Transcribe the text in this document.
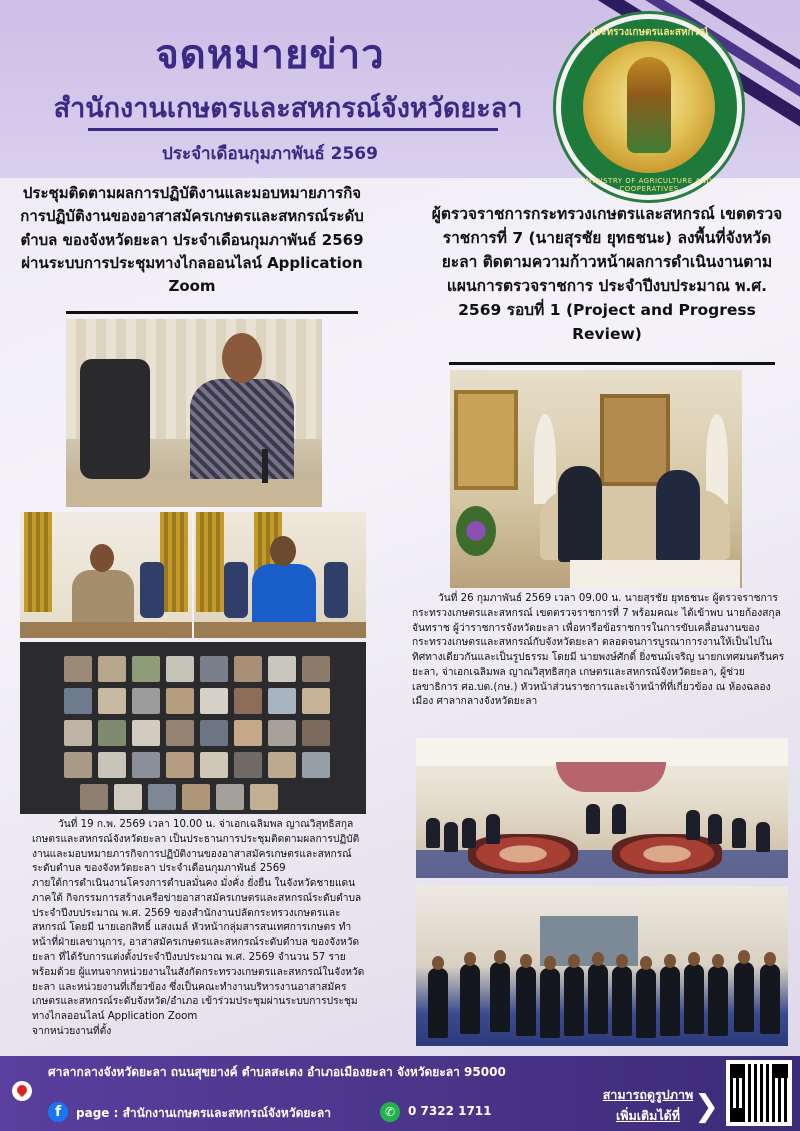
จดหมายข่าว
สำนักงานเกษตรและสหกรณ์จังหวัดยะลา
ประจำเดือนกุมภาพันธ์ 2569
กระทรวงเกษตรและสหกรณ์
MINISTRY OF AGRICULTURE AND COOPERATIVES
ประชุมติดตามผลการปฏิบัติงานและมอบหมายภารกิจการปฏิบัติงานของอาสาสมัครเกษตรและสหกรณ์ระดับตำบล ของจังหวัดยะลา ประจำเดือนกุมภาพันธ์ 2569 ผ่านระบบการประชุมทางไกลออนไลน์ Application Zoom

วันที่ 19 ก.พ. 2569 เวลา 10.00 น. จ่าเอกเฉลิมพล ญาณวิสุทธิสกุล เกษตรและสหกรณ์จังหวัดยะลา เป็นประธานการประชุมติดตามผลการปฏิบัติงานและมอบหมายภารกิจการปฏิบัติงานของอาสาสมัครเกษตรและสหกรณ์ระดับตำบล ของจังหวัดยะลา ประจำเดือนกุมภาพันธ์ 2569

ภายใต้การดำเนินงานโครงการตำบลมั่นคง มั่งคั่ง ยั่งยืน ในจังหวัดชายแดนภาคใต้ กิจกรรมการสร้างเครือข่ายอาสาสมัครเกษตรและสหกรณ์ระดับตำบล ประจำปีงบประมาณ พ.ศ. 2569 ของสำนักงานปลัดกระทรวงเกษตรและสหกรณ์ โดยมี นายเอกสิทธิ์ แสงเมล์ หัวหน้ากลุ่มสารสนเทศการเกษตร ทำหน้าที่ฝ่ายเลขานุการ, อาสาสมัครเกษตรและสหกรณ์ระดับตำบล ของจังหวัดยะลา ที่ได้รับการแต่งตั้งประจำปีงบประมาณ พ.ศ. 2569 จำนวน 57 ราย พร้อมด้วย ผู้แทนจากหน่วยงานในสังกัดกระทรวงเกษตรและสหกรณ์ในจังหวัดยะลา และหน่วยงานที่เกี่ยวข้อง ซึ่งเป็นคณะทำงานบริหารงานอาสาสมัครเกษตรและสหกรณ์ระดับจังหวัด/อำเภอ เข้าร่วมประชุมผ่านระบบการประชุมทางไกลออนไลน์ Application Zoom

จากหน่วยงานที่ตั้ง

ผู้ตรวจราชการกระทรวงเกษตรและสหกรณ์ เขตตรวจราชการที่ 7 (นายสุรชัย ยุทธชนะ) ลงพื้นที่จังหวัดยะลา ติดตามความก้าวหน้าผลการดำเนินงานตามแผนการตรวจราชการ ประจำปีงบประมาณ พ.ศ. 2569 รอบที่ 1 (Project and Progress Review)

วันที่ 26 กุมภาพันธ์ 2569 เวลา 09.00 น. นายสุรชัย ยุทธชนะ ผู้ตรวจราชการกระทรวงเกษตรและสหกรณ์ เขตตรวจราชการที่ 7 พร้อมคณะ ได้เข้าพบ นายก้องสกุล จันทราช ผู้ว่าราชการจังหวัดยะลา เพื่อหารือข้อราชการในการขับเคลื่อนงานของกระทรวงเกษตรและสหกรณ์กับจังหวัดยะลา ตลอดจนการบูรณาการงานให้เป็นไปในทิศทางเดียวกันและเป็นรูปธรรม โดยมี นายพงษ์ศักดิ์ ยิ่งชนม์เจริญ นายกเทศมนตรีนครยะลา, จ่าเอกเฉลิมพล ญาณวิสุทธิสกุล เกษตรและสหกรณ์จังหวัดยะลา, ผู้ช่วยเลขาธิการ ศอ.บต.(กษ.) หัวหน้าส่วนราชการและเจ้าหน้าที่ที่เกี่ยวข้อง ณ ห้องฉลองเมือง ศาลากลางจังหวัดยะลา

ศาลากลางจังหวัดยะลา ถนนสุขยางค์ ตำบลสะเตง อำเภอเมืองยะลา จังหวัดยะลา 95000
f	page : สำนักงานเกษตรและสหกรณ์จังหวัดยะลา	✆	0 7322 1711
สามารถดูรูปภาพ
เพิ่มเติมได้ที่ ❯
